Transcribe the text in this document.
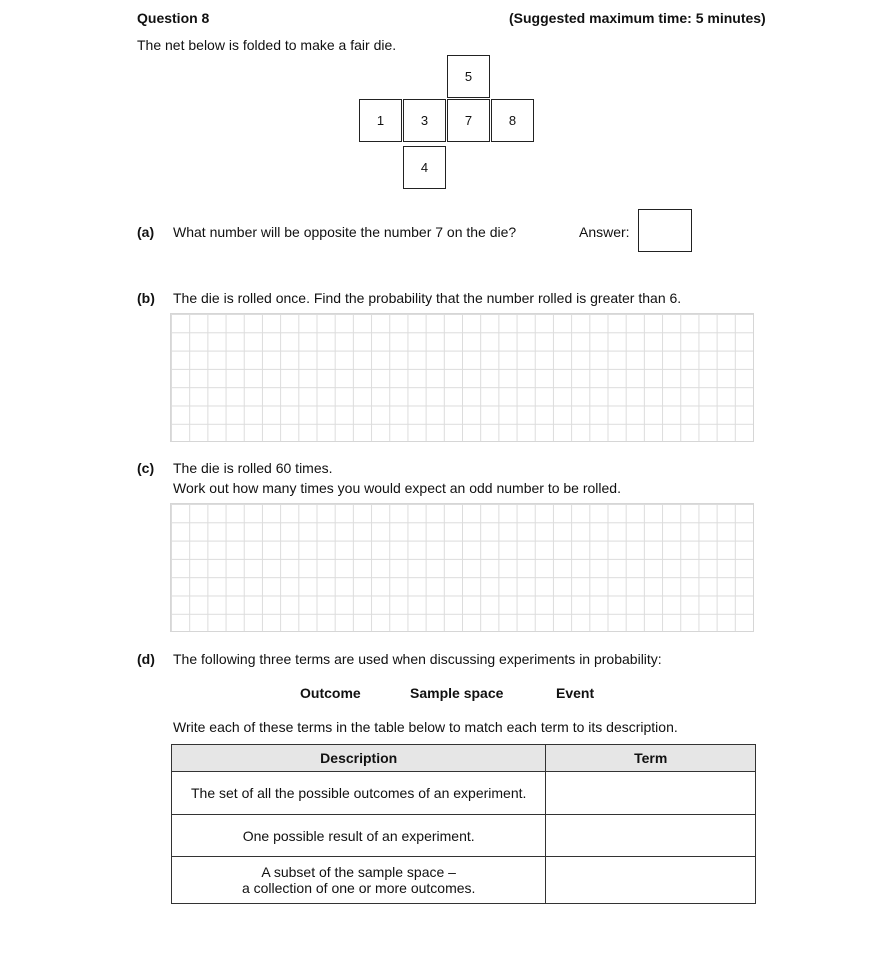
Question 8	(Suggested maximum time: 5 minutes)
The net below is folded to make a fair die.
5
1	3	7	8
4
(a) What number will be opposite the number 7 on the die?	Answer:
(b) The die is rolled once. Find the probability that the number rolled is greater than 6.
(c) The die is rolled 60 times.
Work out how many times you would expect an odd number to be rolled.
(d) The following three terms are used when discussing experiments in probability:
Outcome	Sample space	Event
Write each of these terms in the table below to match each term to its description.
Description	Term
The set of all the possible outcomes of an experiment.	
One possible result of an experiment.	

A subset of the sample space –
a collection of one or more outcomes.	
